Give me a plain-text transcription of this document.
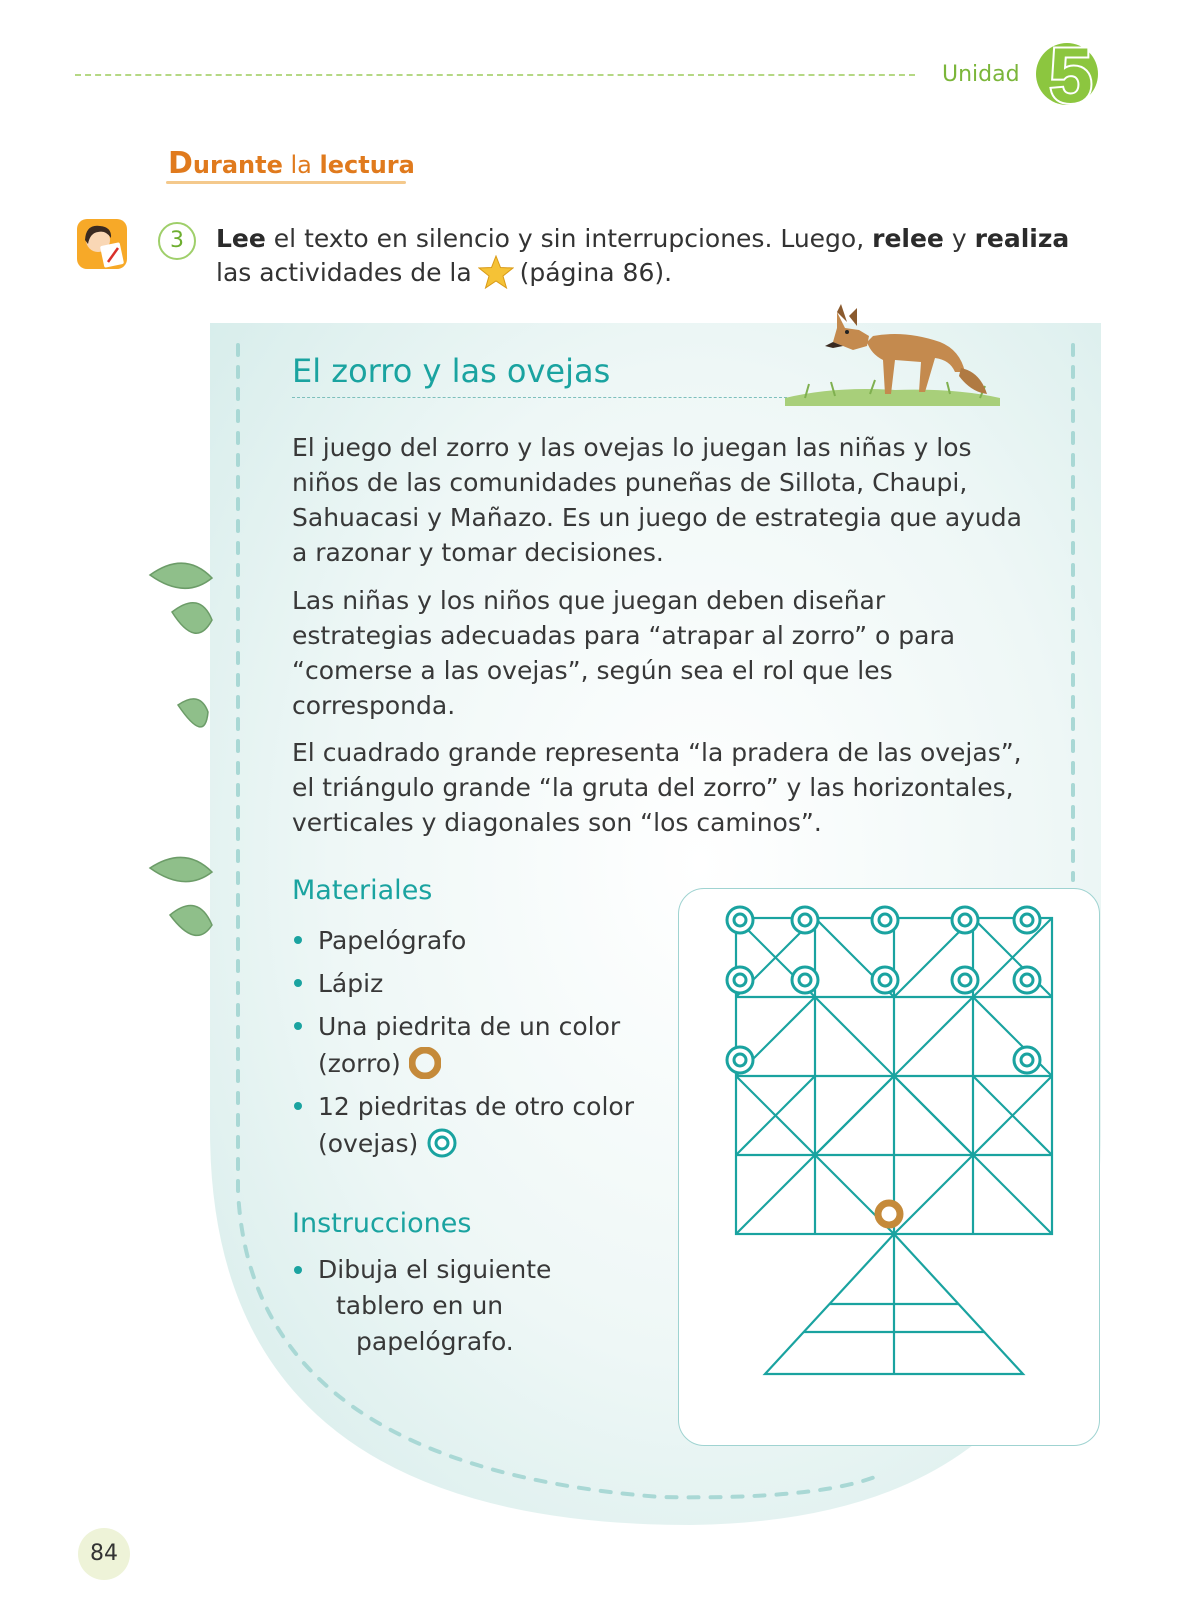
Unidad 5
Durante la lectura
3	Lee el texto en silencio y sin interrupciones. Luego, relee y realiza
las actividades de la (página 86).
El zorro y las ovejas

El juego del zorro y las ovejas lo juegan las niñas y los niños de las comunidades puneñas de Sillota, Chaupi, Sahuacasi y Mañazo. Es un juego de estrategia que ayuda a razonar y tomar decisiones.

Las niñas y los niños que juegan deben diseñar estrategias adecuadas para “atrapar al zorro” o para “comerse a las ovejas”, según sea el rol que les corresponda.

El cuadrado grande representa “la pradera de las ovejas”, el triángulo grande “la gruta del zorro” y las horizontales, verticales y diagonales son “los caminos”.

Materiales
Papelógrafo
Lápiz
Una piedrita de un color
(zorro)
12 piedritas de otro color
(ovejas)
Instrucciones
Dibuja el siguiente
tablero en un
papelógrafo.
84
